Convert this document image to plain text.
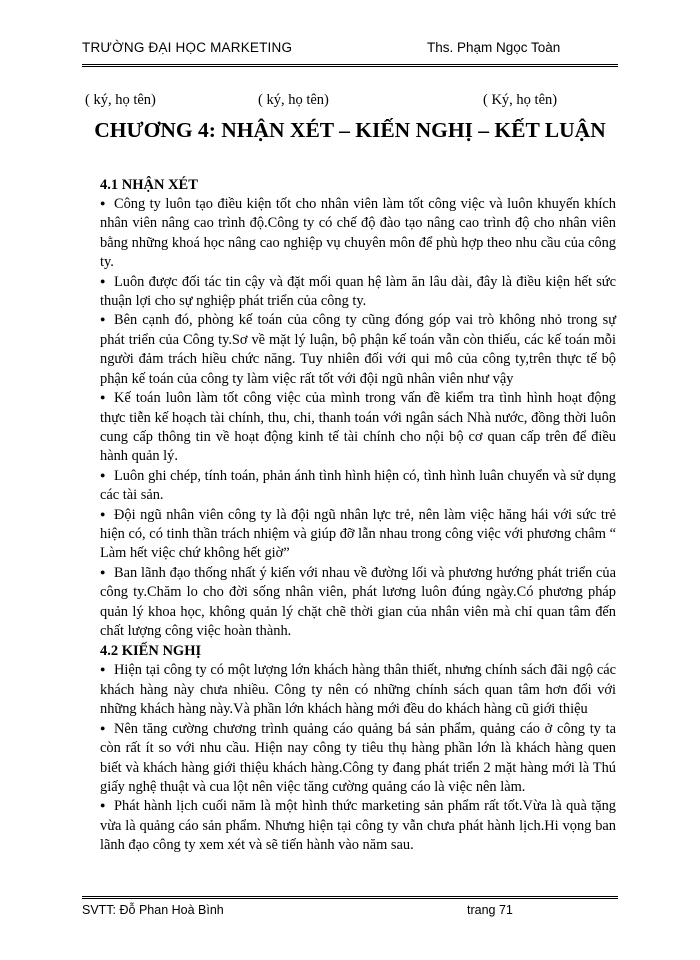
TRƯỜNG ĐẠI HỌC MARKETING	Ths. Phạm Ngọc Toàn
( ký, họ tên)	( ký, họ tên)	( Ký, họ tên)
CHƯƠNG 4: NHẬN XÉT – KIẾN NGHỊ – KẾT LUẬN
4.1 NHẬN XÉT

● Công ty luôn tạo điều kiện tốt cho nhân viên làm tốt công việc và luôn khuyến khích nhân viên nâng cao trình độ.Công ty có chế độ đào tạo nâng cao trình độ cho nhân viên bằng những khoá học nâng cao nghiệp vụ chuyên môn để phù hợp theo nhu cầu của công ty.

● Luôn được đối tác tin cậy và đặt mối quan hệ làm ăn lâu dài, đây là điều kiện hết sức thuận lợi cho sự nghiệp phát triển của công ty.

● Bên cạnh đó, phòng kế toán của công ty cũng đóng góp vai trò không nhỏ trong sự phát triển của Công ty.Sơ về mặt lý luận, bộ phận kế toán vẫn còn thiếu, các kế toán mỗi người đảm trách hiều chức năng. Tuy nhiên đối với qui mô của công ty,trên thực tế bộ phận kế toán của công ty làm việc rất tốt với đội ngũ nhân viên như vậy

● Kế toán luôn làm tốt công việc của mình trong vấn đề kiểm tra tình hình hoạt động thực tiễn kế hoạch tài chính, thu, chi, thanh toán với ngân sách Nhà nước, đồng thời luôn cung cấp thông tin về hoạt động kinh tế tài chính cho nội bộ cơ quan cấp trên để điều hành quản lý.

● Luôn ghi chép, tính toán, phản ánh tình hình hiện có, tình hình luân chuyển và sử dụng các tài sản.

● Đội ngũ nhân viên công ty là đội ngũ nhân lực trẻ, nên làm việc hăng hái với sức trẻ hiện có, có tinh thần trách nhiệm và giúp đỡ lẫn nhau trong công việc với phương châm “ Làm hết việc chứ không hết giờ”

● Ban lãnh đạo thống nhất ý kiến với nhau về đường lối và phương hướng phát triển của công ty.Chăm lo cho đời sống nhân viên, phát lương luôn đúng ngày.Có phương pháp quản lý khoa học, không quản lý chặt chẽ thời gian của nhân viên mà chỉ quan tâm đến chất lượng công việc hoàn thành.

4.2 KIẾN NGHỊ

● Hiện tại công ty có một lượng lớn khách hàng thân thiết, nhưng chính sách đãi ngộ các khách hàng này chưa nhiều. Công ty nên có những chính sách quan tâm hơn đối với những khách hàng này.Và phần lớn khách hàng mới đều do khách hàng cũ giới thiệu

● Nên tăng cường chương trình quảng cáo quảng bá sản phẩm, quảng cáo ở công ty ta còn rất ít so với nhu cầu. Hiện nay công ty tiêu thụ hàng phần lớn là khách hàng quen biết và khách hàng giới thiệu khách hàng.Công ty đang phát triển 2 mặt hàng mới là Thú giấy nghệ thuật và cua lột nên việc tăng cường quảng cáo là việc nên làm.

● Phát hành lịch cuối năm là một hình thức marketing sản phẩm rất tốt.Vừa là quà tặng vừa là quảng cáo sản phẩm. Nhưng hiện tại công ty vẫn chưa phát hành lịch.Hi vọng ban lãnh đạo công ty xem xét và sẽ tiến hành vào năm sau.

SVTT: Đỗ Phan Hoà Bình	trang 71
